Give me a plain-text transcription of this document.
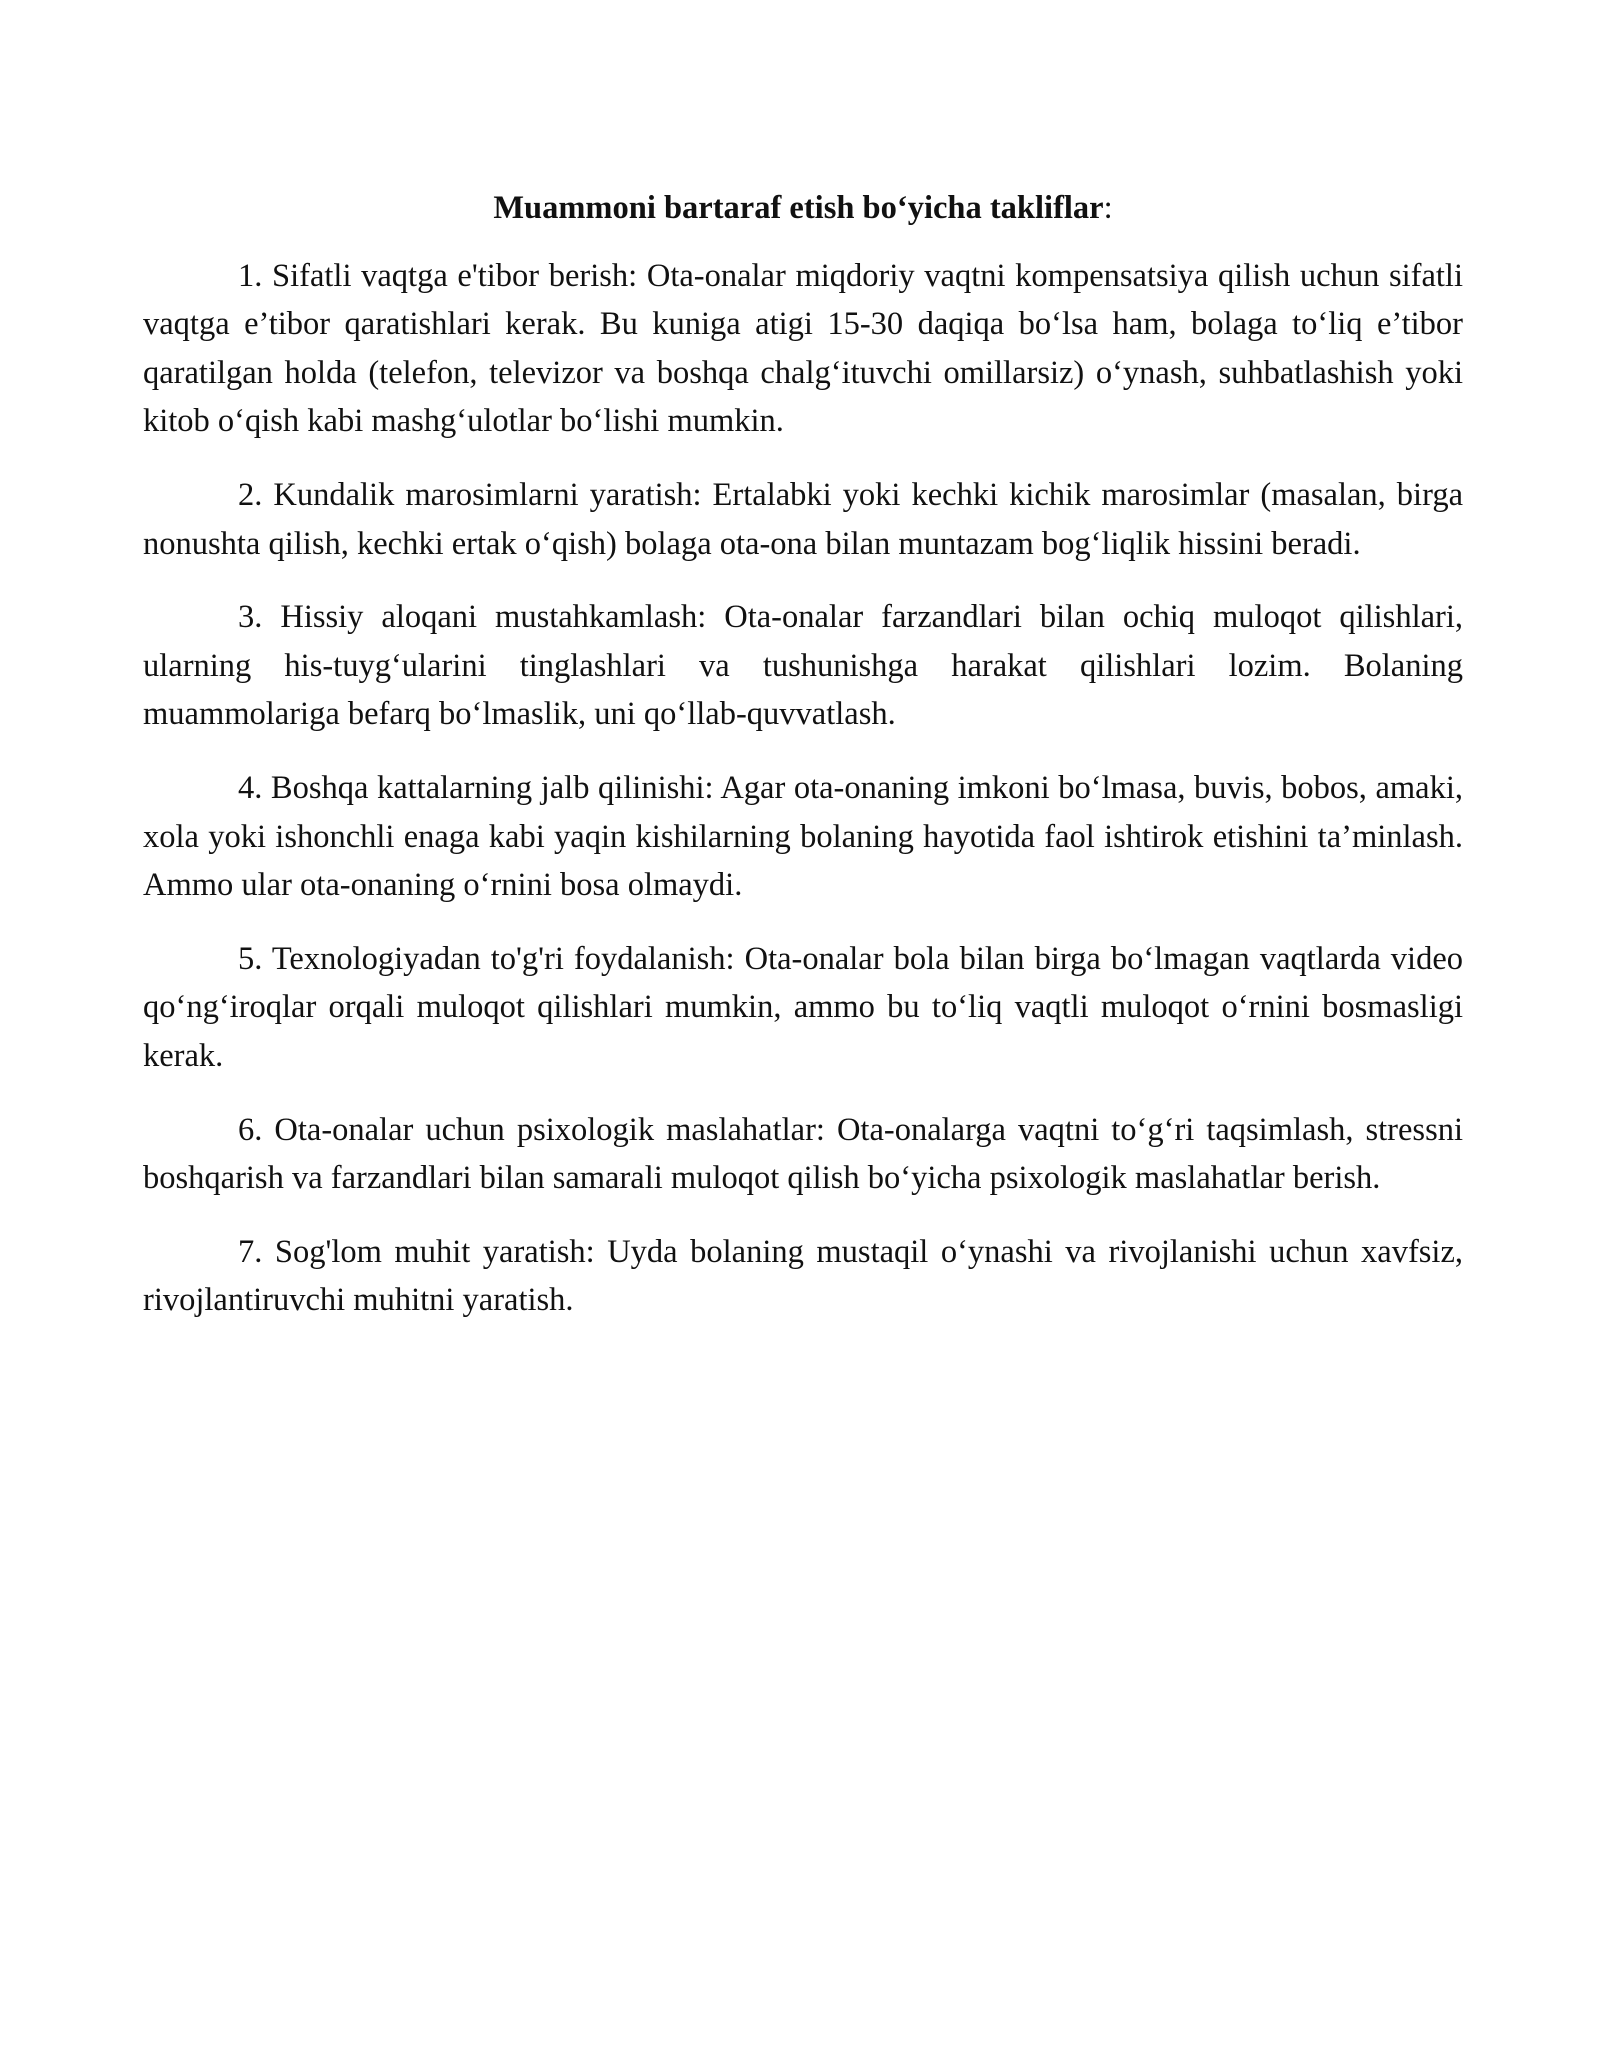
Muammoni bartaraf etish bo‘yicha takliflar:

1. Sifatli vaqtga e'tibor berish: Ota-onalar miqdoriy vaqtni kompensatsiya qilish uchun sifatli vaqtga e’tibor qaratishlari kerak. Bu kuniga atigi 15-30 daqiqa bo‘lsa ham, bolaga to‘liq e’tibor qaratilgan holda (telefon, televizor va boshqa chalg‘ituvchi omillarsiz) o‘ynash, suhbatlashish yoki kitob o‘qish kabi mashg‘ulotlar bo‘lishi mumkin.

2. Kundalik marosimlarni yaratish: Ertalabki yoki kechki kichik marosimlar (masalan, birga nonushta qilish, kechki ertak o‘qish) bolaga ota-ona bilan muntazam bog‘liqlik hissini beradi.

3. Hissiy aloqani mustahkamlash: Ota-onalar farzandlari bilan ochiq muloqot qilishlari, ularning his-tuyg‘ularini tinglashlari va tushunishga harakat qilishlari lozim. Bolaning muammolariga befarq bo‘lmaslik, uni qo‘llab-quvvatlash.

4. Boshqa kattalarning jalb qilinishi: Agar ota-onaning imkoni bo‘lmasa, buvis, bobos, amaki, xola yoki ishonchli enaga kabi yaqin kishilarning bolaning hayotida faol ishtirok etishini ta’minlash. Ammo ular ota-onaning o‘rnini bosa olmaydi.

5. Texnologiyadan to'g'ri foydalanish: Ota-onalar bola bilan birga bo‘lmagan vaqtlarda video qo‘ng‘iroqlar orqali muloqot qilishlari mumkin, ammo bu to‘liq vaqtli muloqot o‘rnini bosmasligi kerak.

6. Ota-onalar uchun psixologik maslahatlar: Ota-onalarga vaqtni to‘g‘ri taqsimlash, stressni boshqarish va farzandlari bilan samarali muloqot qilish bo‘yicha psixologik maslahatlar berish.

7. Sog'lom muhit yaratish: Uyda bolaning mustaqil o‘ynashi va rivojlanishi uchun xavfsiz, rivojlantiruvchi muhitni yaratish.
